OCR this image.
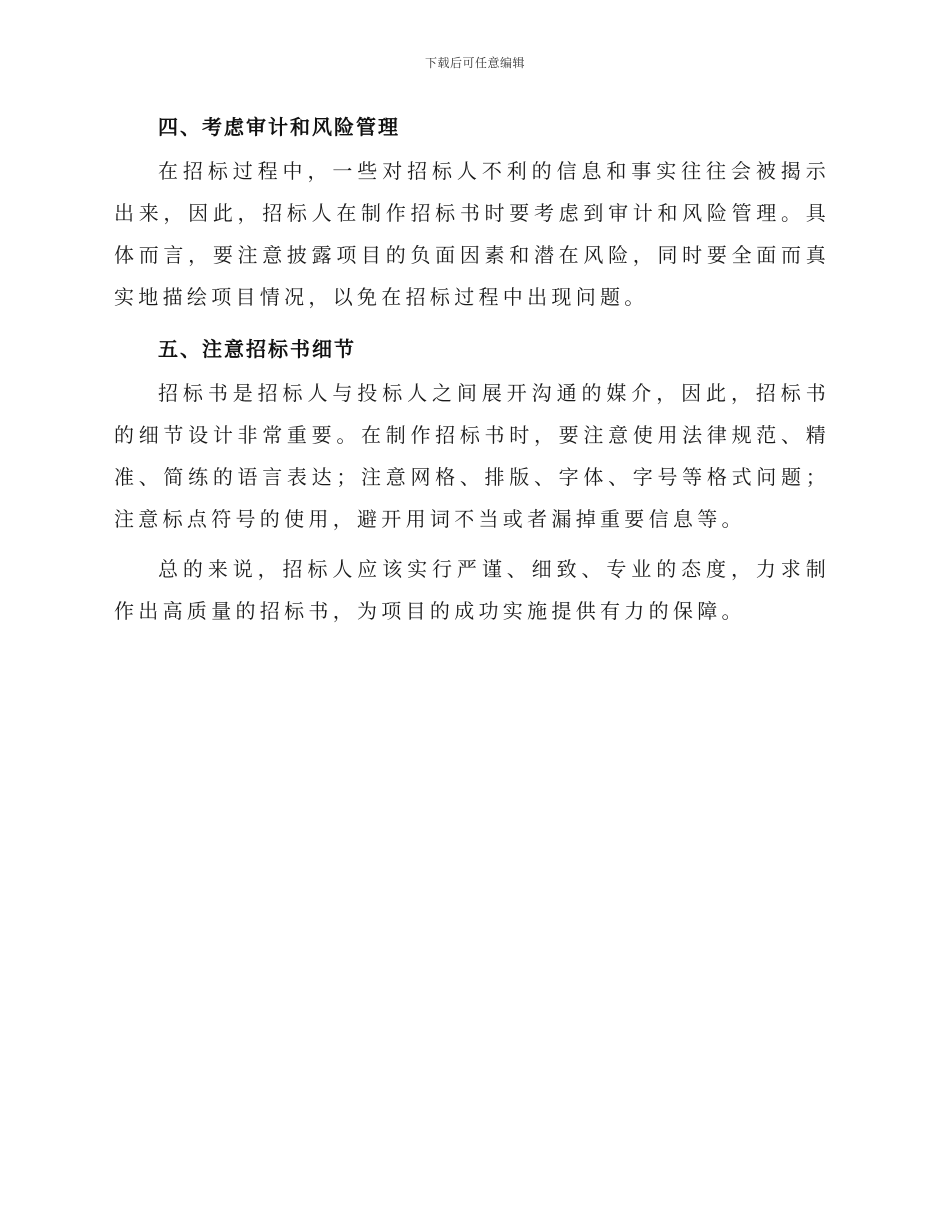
下载后可任意编辑
四、考虑审计和风险管理

在招标过程中，一些对招标人不利的信息和事实往往会被揭示出来，因此，招标人在制作招标书时要考虑到审计和风险管理。具体而言，要注意披露项目的负面因素和潜在风险，同时要全面而真实地描绘项目情况，以免在招标过程中出现问题。

五、注意招标书细节

招标书是招标人与投标人之间展开沟通的媒介，因此，招标书的细节设计非常重要。在制作招标书时，要注意使用法律规范、精准、简练的语言表达；注意网格、排版、字体、字号等格式问题；注意标点符号的使用，避开用词不当或者漏掉重要信息等。

总的来说，招标人应该实行严谨、细致、专业的态度，力求制作出高质量的招标书，为项目的成功实施提供有力的保障。
